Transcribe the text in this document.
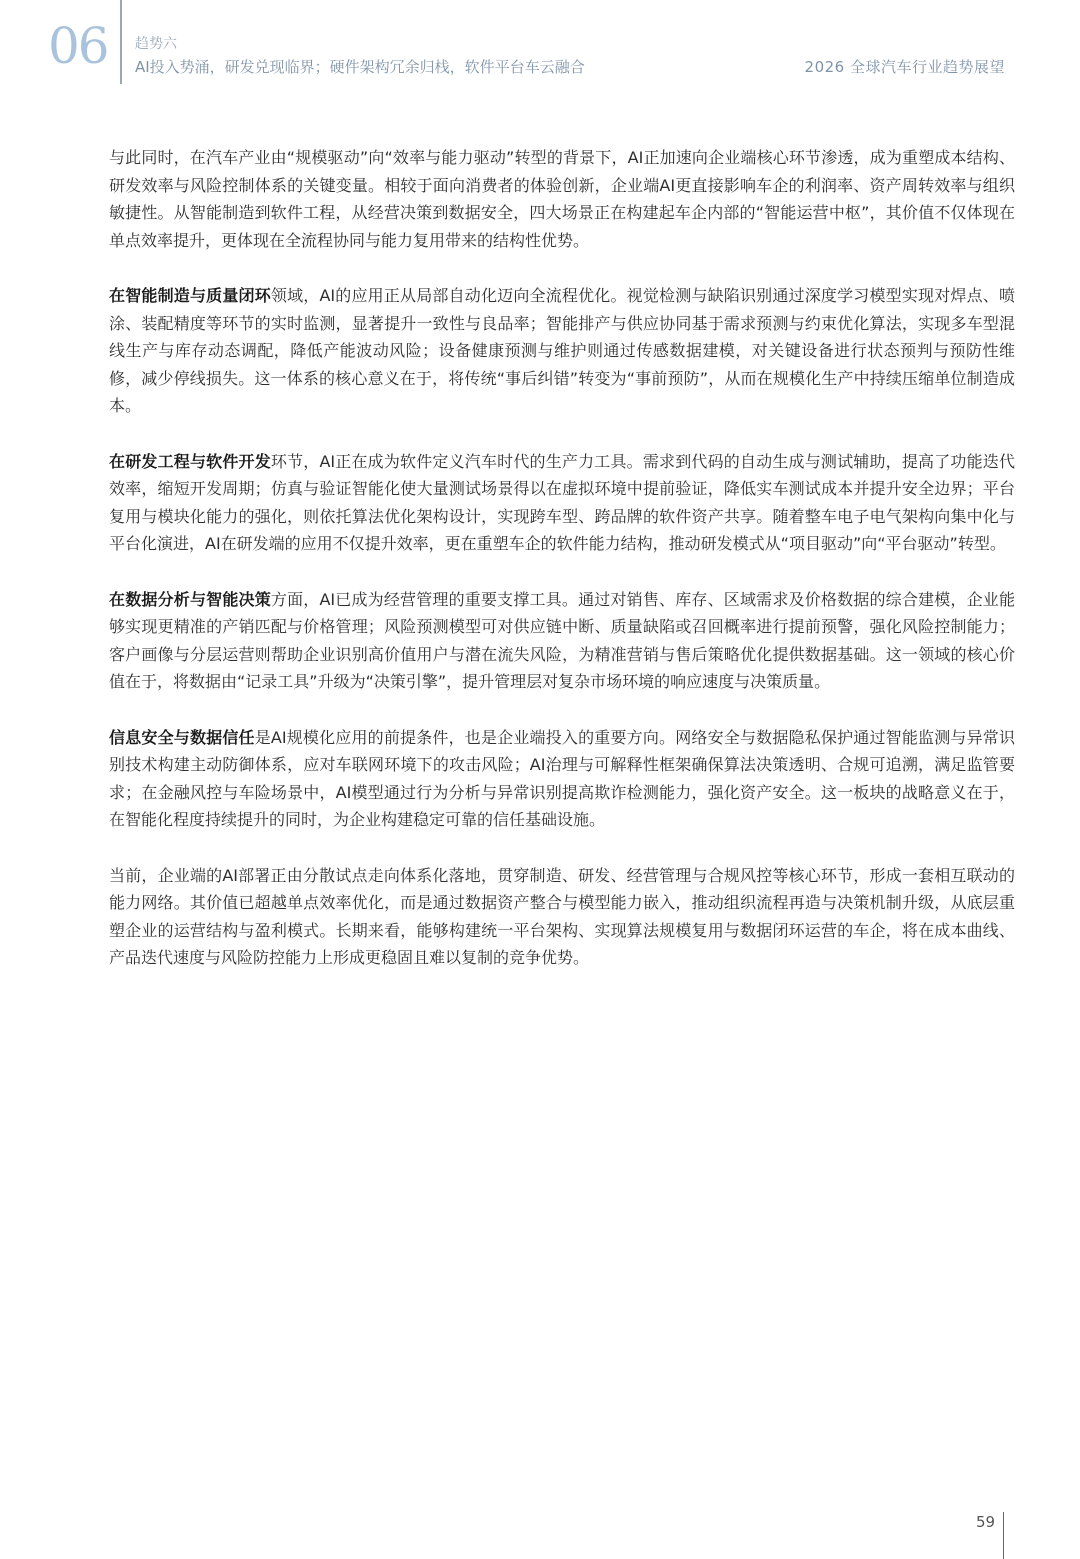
06 趋势六
AI投入势涌，研发兑现临界；硬件架构冗余归栈，软件平台车云融合	2026 全球汽车行业趋势展望

与此同时，在汽车产业由“规模驱动”向“效率与能力驱动”转型的背景下，AI正加速向企业端核心环节渗透，成为重塑成本结构、研发效率与风险控制体系的关键变量。相较于面向消费者的体验创新，企业端AI更直接影响车企的利润率、资产周转效率与组织敏捷性。从智能制造到软件工程，从经营决策到数据安全，四大场景正在构建起车企内部的“智能运营中枢”，其价值不仅体现在单点效率提升，更体现在全流程协同与能力复用带来的结构性优势。

在智能制造与质量闭环领域，AI的应用正从局部自动化迈向全流程优化。视觉检测与缺陷识别通过深度学习模型实现对焊点、喷涂、装配精度等环节的实时监测，显著提升一致性与良品率；智能排产与供应协同基于需求预测与约束优化算法，实现多车型混线生产与库存动态调配，降低产能波动风险；设备健康预测与维护则通过传感数据建模，对关键设备进行状态预判与预防性维修，减少停线损失。这一体系的核心意义在于，将传统“事后纠错”转变为“事前预防”，从而在规模化生产中持续压缩单位制造成本。

在研发工程与软件开发环节，AI正在成为软件定义汽车时代的生产力工具。需求到代码的自动生成与测试辅助，提高了功能迭代效率，缩短开发周期；仿真与验证智能化使大量测试场景得以在虚拟环境中提前验证，降低实车测试成本并提升安全边界；平台复用与模块化能力的强化，则依托算法优化架构设计，实现跨车型、跨品牌的软件资产共享。随着整车电子电气架构向集中化与平台化演进，AI在研发端的应用不仅提升效率，更在重塑车企的软件能力结构，推动研发模式从“项目驱动”向“平台驱动”转型。

在数据分析与智能决策方面，AI已成为经营管理的重要支撑工具。通过对销售、库存、区域需求及价格数据的综合建模，企业能够实现更精准的产销匹配与价格管理；风险预测模型可对供应链中断、质量缺陷或召回概率进行提前预警，强化风险控制能力；客户画像与分层运营则帮助企业识别高价值用户与潜在流失风险，为精准营销与售后策略优化提供数据基础。这一领域的核心价值在于，将数据由“记录工具”升级为“决策引擎”，提升管理层对复杂市场环境的响应速度与决策质量。

信息安全与数据信任是AI规模化应用的前提条件，也是企业端投入的重要方向。网络安全与数据隐私保护通过智能监测与异常识别技术构建主动防御体系，应对车联网环境下的攻击风险；AI治理与可解释性框架确保算法决策透明、合规可追溯，满足监管要求；在金融风控与车险场景中，AI模型通过行为分析与异常识别提高欺诈检测能力，强化资产安全。这一板块的战略意义在于，在智能化程度持续提升的同时，为企业构建稳定可靠的信任基础设施。

当前，企业端的AI部署正由分散试点走向体系化落地，贯穿制造、研发、经营管理与合规风控等核心环节，形成一套相互联动的能力网络。其价值已超越单点效率优化，而是通过数据资产整合与模型能力嵌入，推动组织流程再造与决策机制升级，从底层重塑企业的运营结构与盈利模式。长期来看，能够构建统一平台架构、实现算法规模复用与数据闭环运营的车企，将在成本曲线、产品迭代速度与风险防控能力上形成更稳固且难以复制的竞争优势。

59
